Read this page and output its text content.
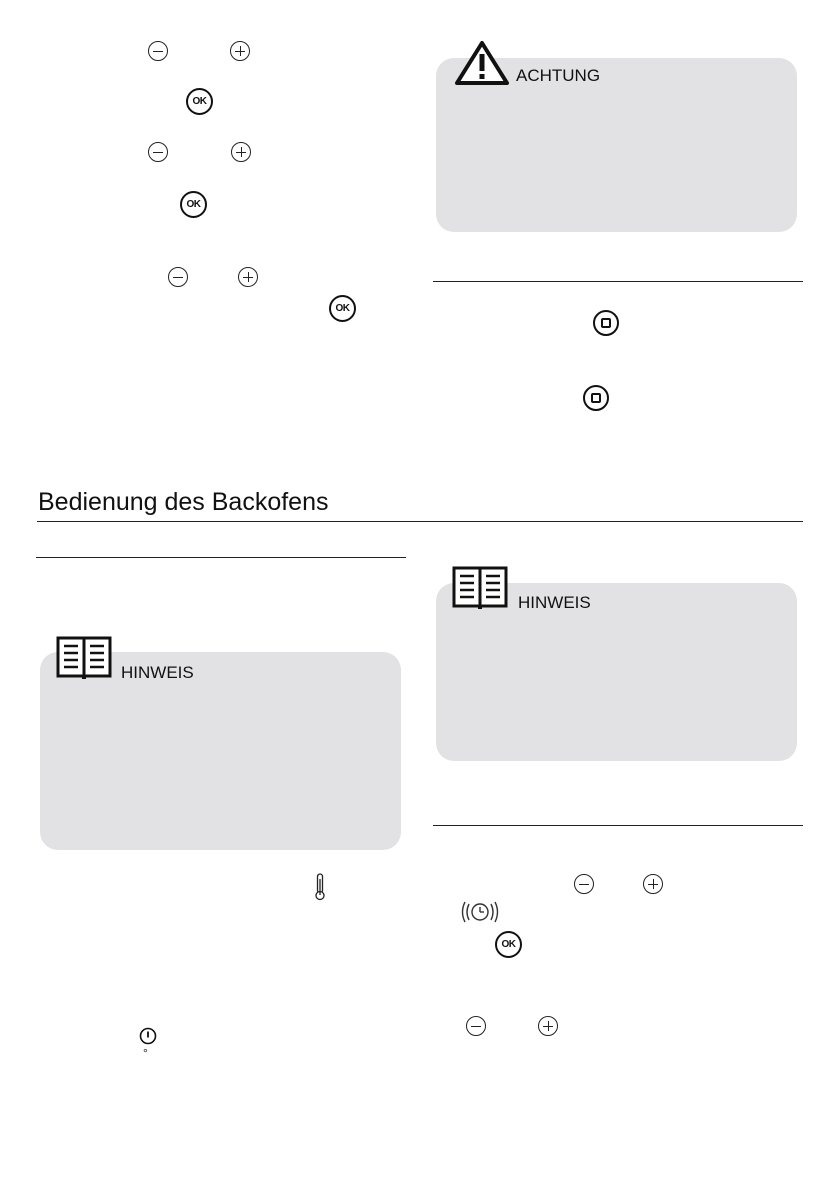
OK
OK
OK
ACHTUNG
Bedienung des Backofens
HINWEIS
°
HINWEIS
OK
